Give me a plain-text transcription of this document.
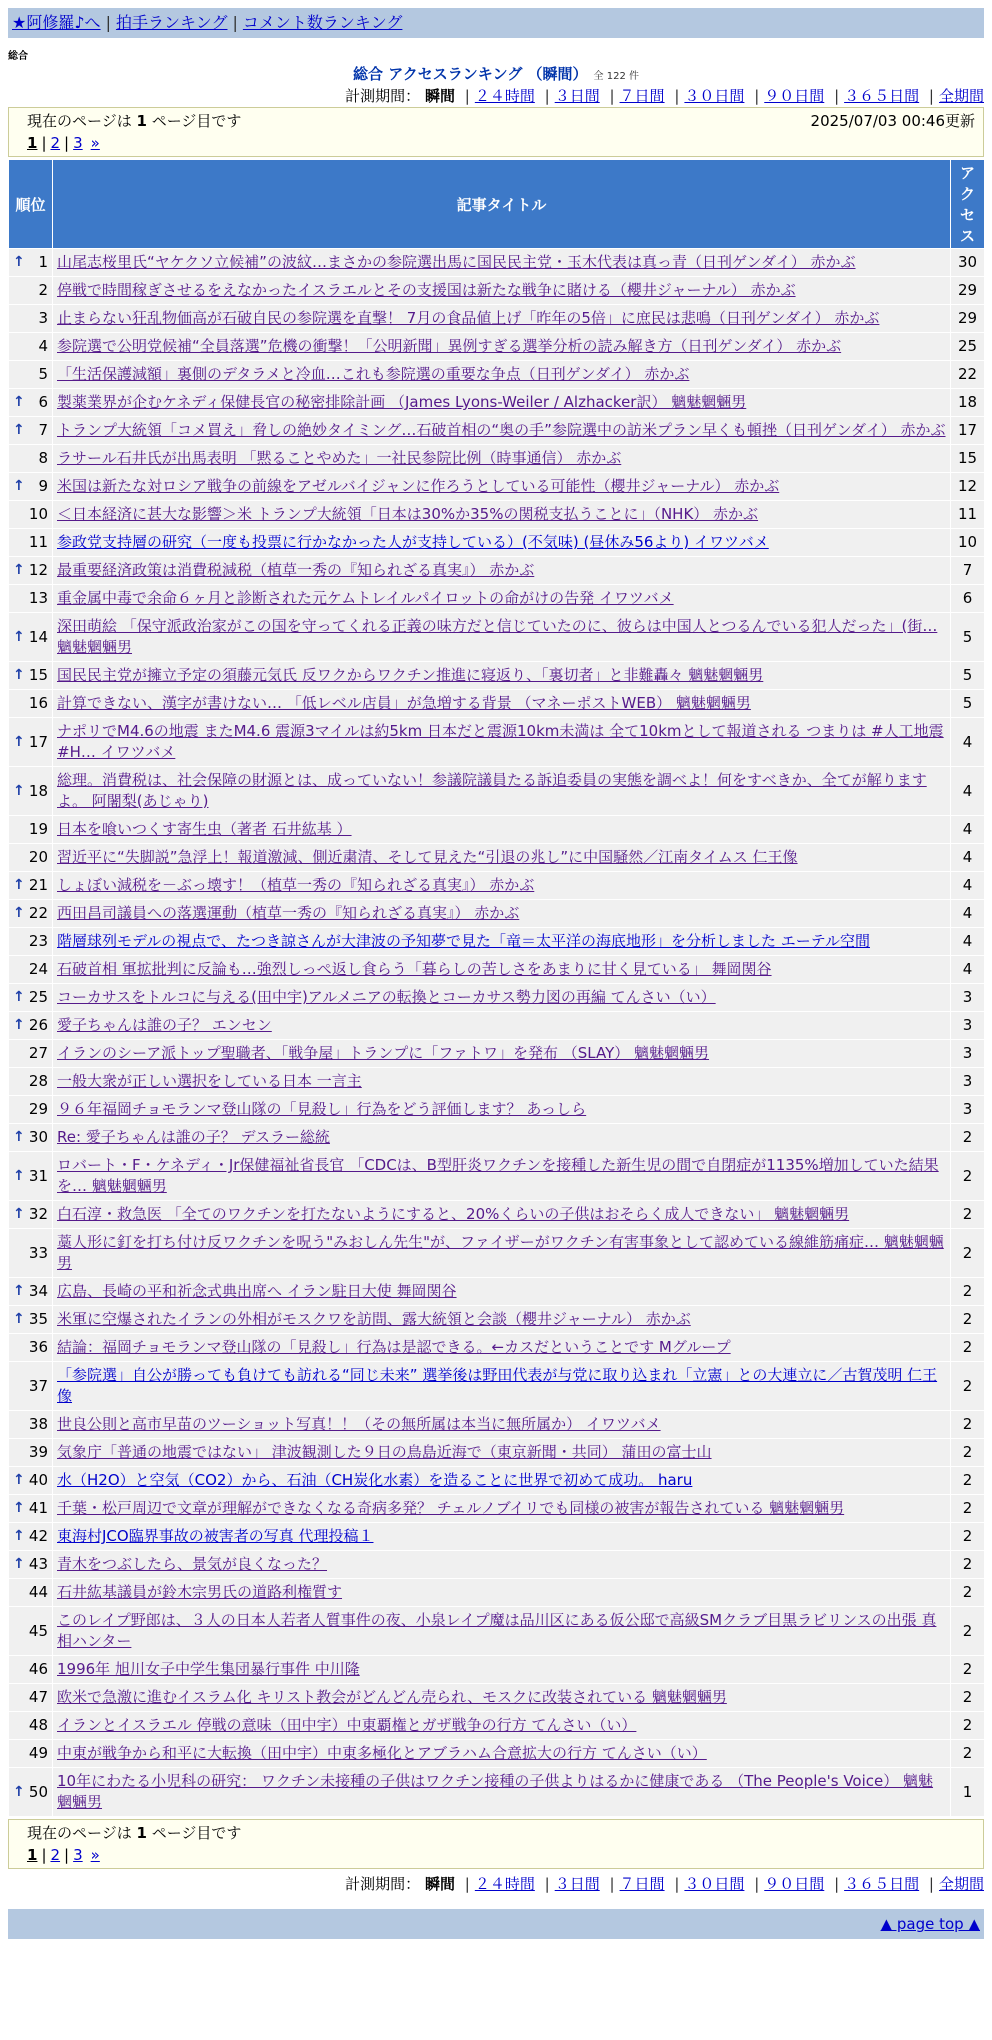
★阿修羅♪へ | 拍手ランキング | コメント数ランキング
総合
総合 アクセスランキング （瞬間） 全 122 件
計測期間： 瞬間 | ２４時間 | ３日間 | ７日間 | ３０日間 | ９０日間 | ３６５日間 | 全期間
現在のページは 1 ページ目です	2025/07/03 00:46更新
1 | 2 | 3 »
順位	記事タイトル	アクセス

↑ 1	山尾志桜里氏“ヤケクソ立候補”の波紋…まさかの参院選出馬に国民民主党・玉木代表は真っ青（日刊ゲンダイ） 赤かぶ	30
2	停戦で時間稼ぎさせるをえなかったイスラエルとその支援国は新たな戦争に賭ける（櫻井ジャーナル） 赤かぶ	29
3	止まらない狂乱物価高が石破自民の参院選を直撃！ 7月の食品値上げ「昨年の5倍」に庶民は悲鳴（日刊ゲンダイ） 赤かぶ	29
4	参院選で公明党候補“全員落選”危機の衝撃！「公明新聞」異例すぎる選挙分析の読み解き方（日刊ゲンダイ） 赤かぶ	25
5	「生活保護減額」裏側のデタラメと冷血…これも参院選の重要な争点（日刊ゲンダイ） 赤かぶ	22

↑ 6	製薬業界が企むケネディ保健長官の秘密排除計画 （James Lyons-Weiler / Alzhacker訳） 魑魅魍魎男	18

↑ 7	トランプ大統領「コメ買え」脅しの絶妙タイミング…石破首相の“奥の手”参院選中の訪米プラン早くも頓挫（日刊ゲンダイ） 赤かぶ	17
8	ラサール石井氏が出馬表明 「黙ることやめた」一社民参院比例（時事通信） 赤かぶ	15

↑ 9	米国は新たな対ロシア戦争の前線をアゼルバイジャンに作ろうとしている可能性（櫻井ジャーナル） 赤かぶ	12
10	＜日本経済に甚大な影響＞米 トランプ大統領「日本は30%か35%の関税支払うことに」（NHK） 赤かぶ	11
11	参政党支持層の研究（一度も投票に行かなかった人が支持している）(不気味) (昼休み56より) イワツバメ	10

↑ 12	最重要経済政策は消費税減税（植草一秀の『知られざる真実』） 赤かぶ	7
13	重金属中毒で余命６ヶ月と診断された元ケムトレイルパイロットの命がけの告発 イワツバメ	6

↑ 14	深田萌絵 「保守派政治家がこの国を守ってくれる正義の味方だと信じていたのに、彼らは中国人とつるんでいる犯人だった」(街… 魑魅魍魎男	5

↑ 15	国民民主党が擁立予定の須藤元気氏 反ワクからワクチン推進に寝返り、「裏切者」と非難轟々 魑魅魍魎男	5
16	計算できない、漢字が書けない… 「低レベル店員」が急増する背景 （マネーポストWEB） 魑魅魍魎男	5

↑ 17	ナポリでM4.6の地震 またM4.6 震源3マイルは約5km 日本だと震源10km未満は 全て10kmとして報道される つまりは #人工地震 #H… イワツバメ	4

↑ 18	総理。消費税は、社会保障の財源とは、成っていない！参議院議員たる訴追委員の実態を調べよ！何をすべきか、全てが解りますよ。 阿闍梨(あじゃり)	4
19	日本を喰いつくす寄生虫（著者 石井紘基 ）	4
20	習近平に“失脚説”急浮上！報道激減、側近粛清、そして見えた“引退の兆し”に中国騒然／江南タイムス 仁王像	4

↑ 21	しょぼい減税を－ぶっ壊す！（植草一秀の『知られざる真実』） 赤かぶ	4

↑ 22	西田昌司議員への落選運動（植草一秀の『知られざる真実』） 赤かぶ	4
23	階層球列モデルの視点で、たつき諒さんが大津波の予知夢で見た「竜＝太平洋の海底地形」を分析しました エーテル空間	4
24	石破首相 軍拡批判に反論も…強烈しっぺ返し食らう「暮らしの苦しさをあまりに甘く見ている」 舞岡関谷	4

↑ 25	コーカサスをトルコに与える(田中宇)アルメニアの転換とコーカサス勢力図の再編 てんさい（い）	3

↑ 26	愛子ちゃんは誰の子？ エンセン	3
27	イランのシーア派トップ聖職者、「戦争屋」トランプに「ファトワ」を発布 （SLAY） 魑魅魍魎男	3
28	一般大衆が正しい選択をしている日本 一言主	3
29	９６年福岡チョモランマ登山隊の「見殺し」行為をどう評価します？ あっしら	3

↑ 30	Re: 愛子ちゃんは誰の子？ デスラー総統	2

↑ 31	ロバート・F・ケネディ・Jr保健福祉省長官 「CDCは、B型肝炎ワクチンを接種した新生児の間で自閉症が1135%増加していた結果を… 魑魅魍魎男	2

↑ 32	白石淳・救急医 「全てのワクチンを打たないようにすると、20%くらいの子供はおそらく成人できない」 魑魅魍魎男	2
33	藁人形に釘を打ち付け反ワクチンを呪う"みおしん先生"が、ファイザーがワクチン有害事象として認めている線維筋痛症… 魑魅魍魎男	2

↑ 34	広島、長崎の平和祈念式典出席へ イラン駐日大使 舞岡関谷	2

↑ 35	米軍に空爆されたイランの外相がモスクワを訪問、露大統領と会談（櫻井ジャーナル） 赤かぶ	2
36	結論：福岡チョモランマ登山隊の「見殺し」行為は是認できる。←カスだということです Mグループ	2
37	「参院選」自公が勝っても負けても訪れる“同じ未来” 選挙後は野田代表が与党に取り込まれ「立憲」との大連立に／古賀茂明 仁王像	2
38	世良公則と高市早苗のツーショット写真！！（その無所属は本当に無所属か） イワツバメ	2
39	気象庁「普通の地震ではない」 津波観測した９日の鳥島近海で（東京新聞・共同） 蒲田の富士山	2

↑ 40	水（H2O）と空気（CO2）から、石油（CH炭化水素）を造ることに世界で初めて成功。 haru	2

↑ 41	千葉・松戸周辺で文章が理解ができなくなる奇病多発？ チェルノブイリでも同様の被害が報告されている 魑魅魍魎男	2

↑ 42	東海村JCO臨界事故の被害者の写真 代理投稿１	2

↑ 43	青木をつぶしたら、景気が良くなった？	2
44	石井紘基議員が鈴木宗男氏の道路利権質す	2
45	このレイプ野郎は、３人の日本人若者人質事件の夜、小泉レイプ魔は品川区にある仮公邸で高級SMクラブ目黒ラビリンスの出張 真相ハンター	2
46	1996年 旭川女子中学生集団暴行事件 中川隆	2
47	欧米で急激に進むイスラム化 キリスト教会がどんどん売られ、モスクに改装されている 魑魅魍魎男	2
48	イランとイスラエル 停戦の意味（田中宇）中東覇権とガザ戦争の行方 てんさい（い）	2
49	中東が戦争から和平に大転換（田中宇）中東多極化とアブラハム合意拡大の行方 てんさい（い）	2

↑ 50	10年にわたる小児科の研究： ワクチン未接種の子供はワクチン接種の子供よりはるかに健康である （The People's Voice） 魑魅魍魎男	1
現在のページは 1 ページ目です
1 | 2 | 3 »
計測期間： 瞬間 | ２４時間 | ３日間 | ７日間 | ３０日間 | ９０日間 | ３６５日間 | 全期間
▲ page top ▲
